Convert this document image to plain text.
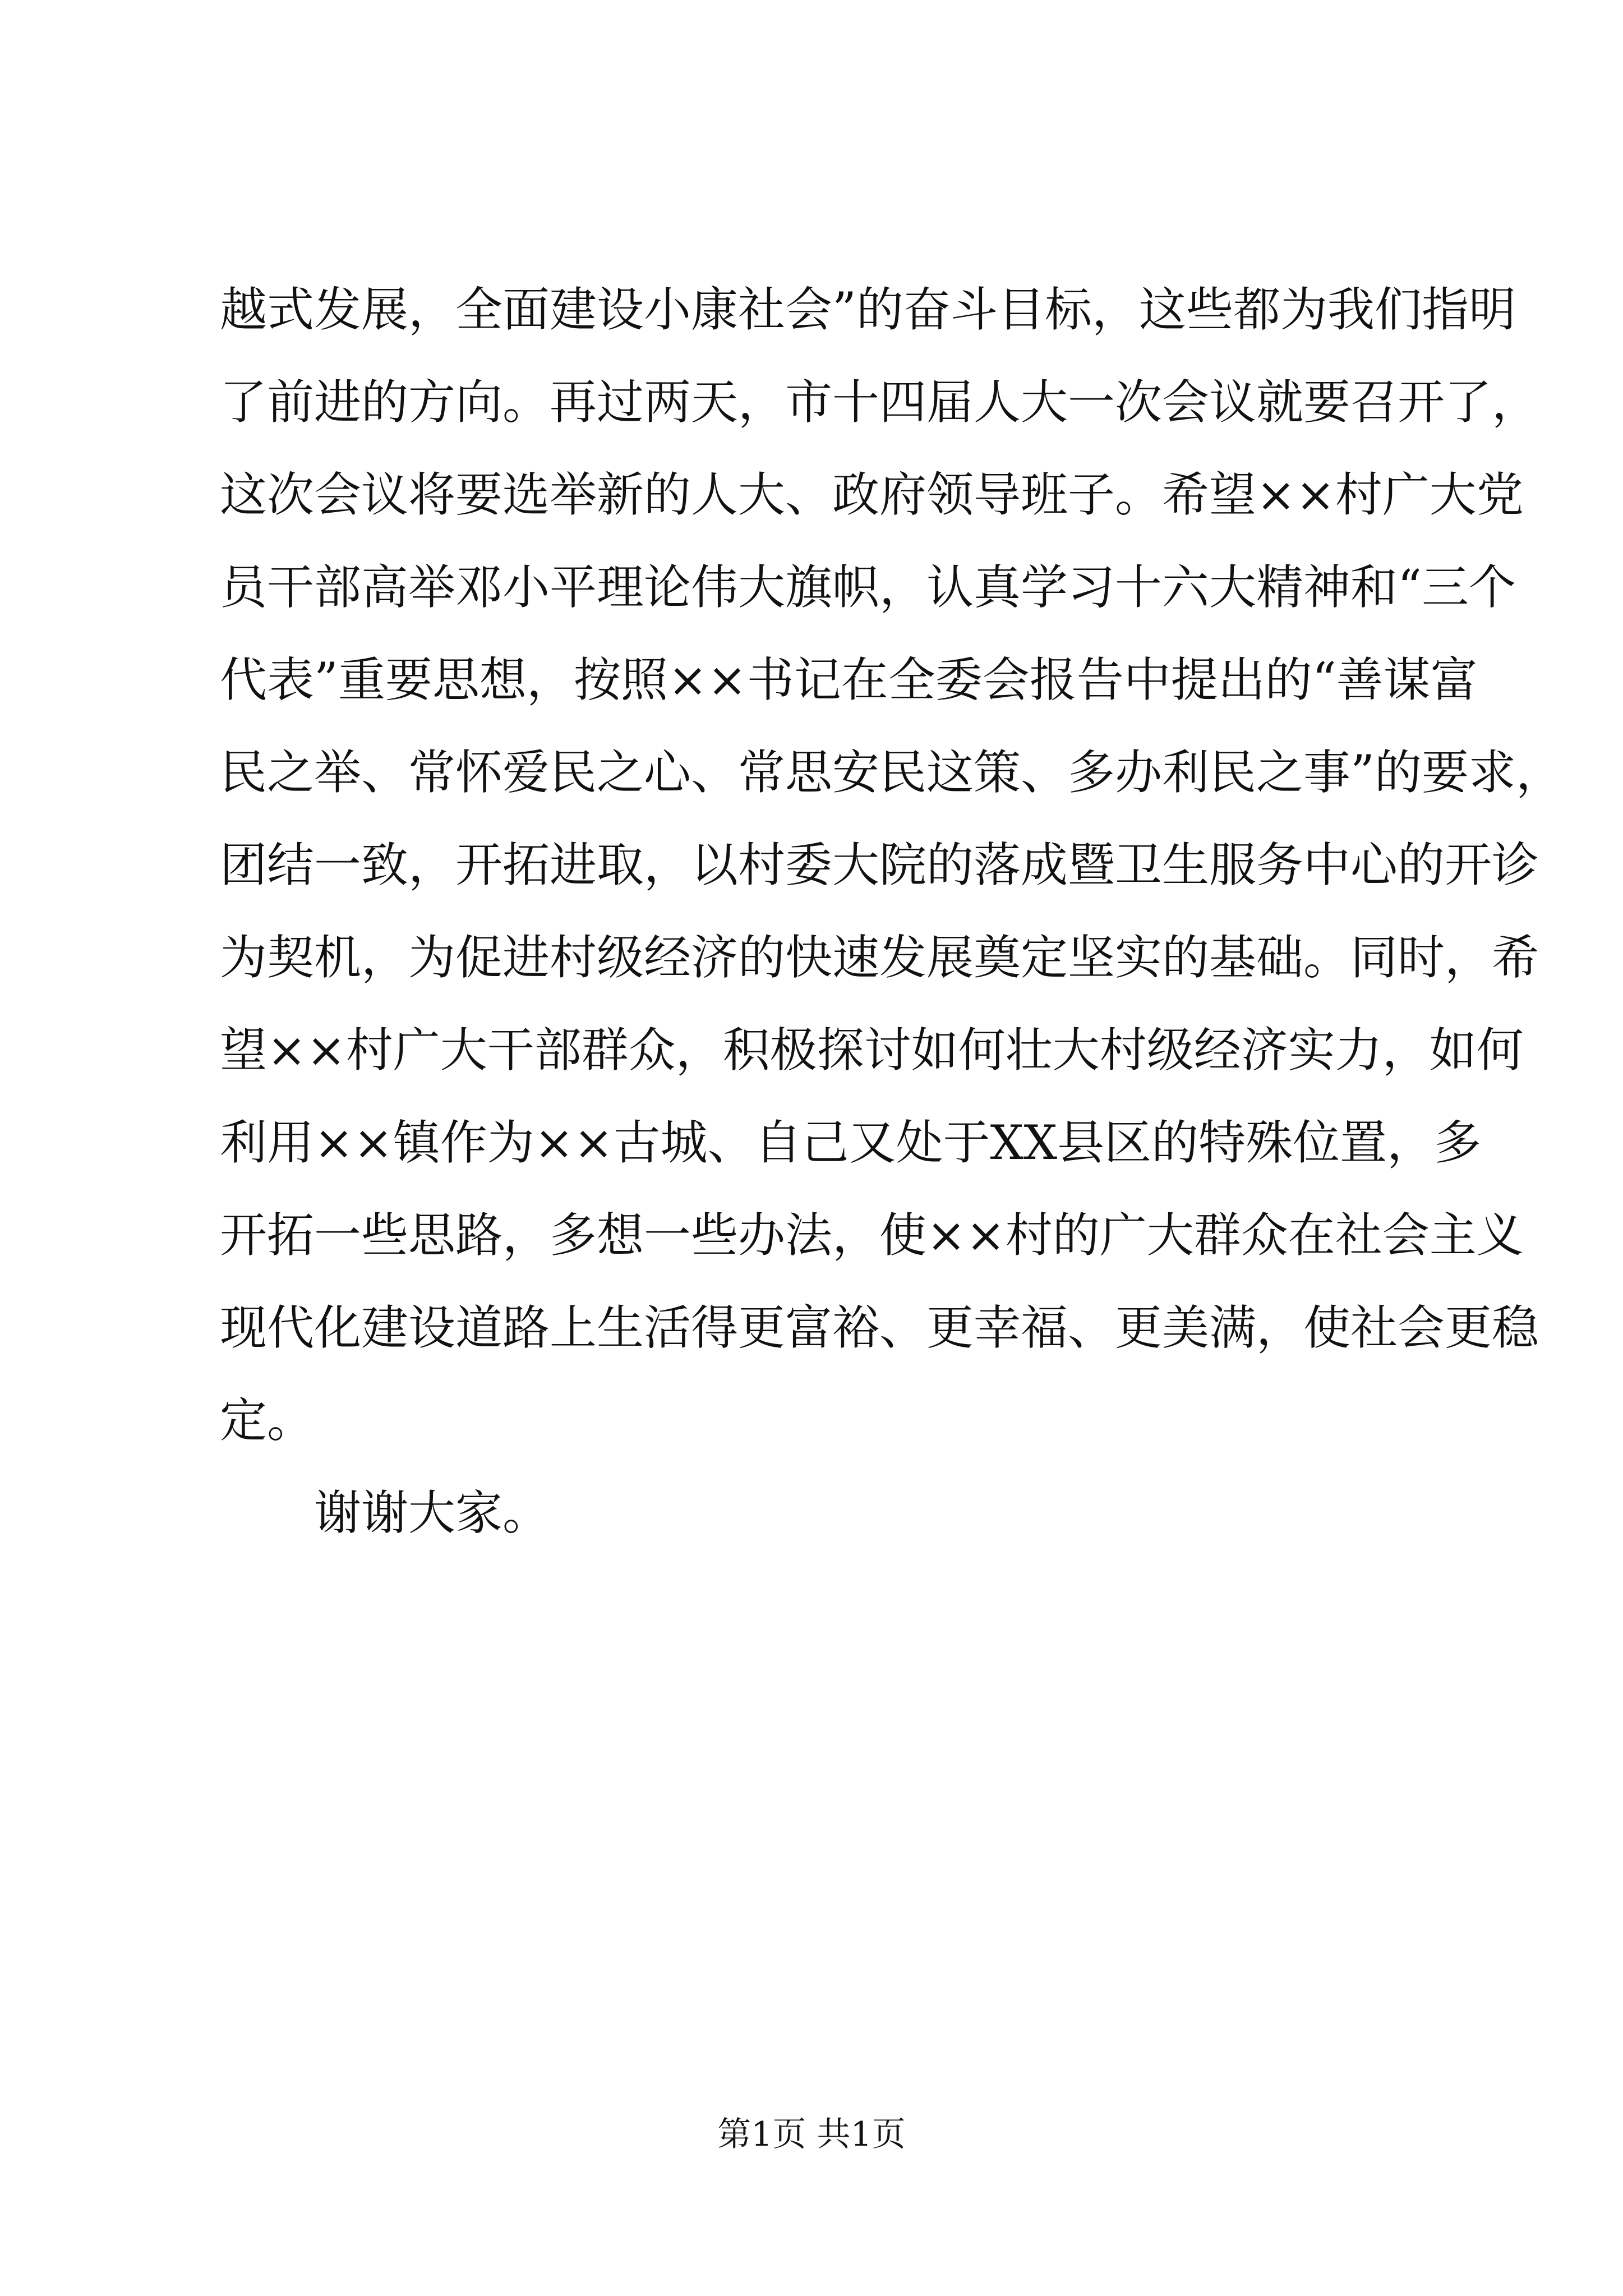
越式发展，全面建设小康社会”的奋斗目标，这些都为我们指明
了前进的方向。再过两天，市十四届人大一次会议就要召开了，
这次会议将要选举新的人大、政府领导班子。希望××村广大党
员干部高举邓小平理论伟大旗帜，认真学习十六大精神和“三个
代表”重要思想，按照××书记在全委会报告中提出的“善谋富
民之举、常怀爱民之心、常思安民这策、多办利民之事”的要求，
团结一致，开拓进取，以村委大院的落成暨卫生服务中心的开诊
为契机，为促进村级经济的快速发展奠定坚实的基础。同时，希
望××村广大干部群众，积极探讨如何壮大村级经济实力，如何
利用××镇作为××古城、自己又处于XX县区的特殊位置，多
开拓一些思路，多想一些办法，使××村的广大群众在社会主义
现代化建设道路上生活得更富裕、更幸福、更美满，使社会更稳
定。
谢谢大家。
第1页 共1页
